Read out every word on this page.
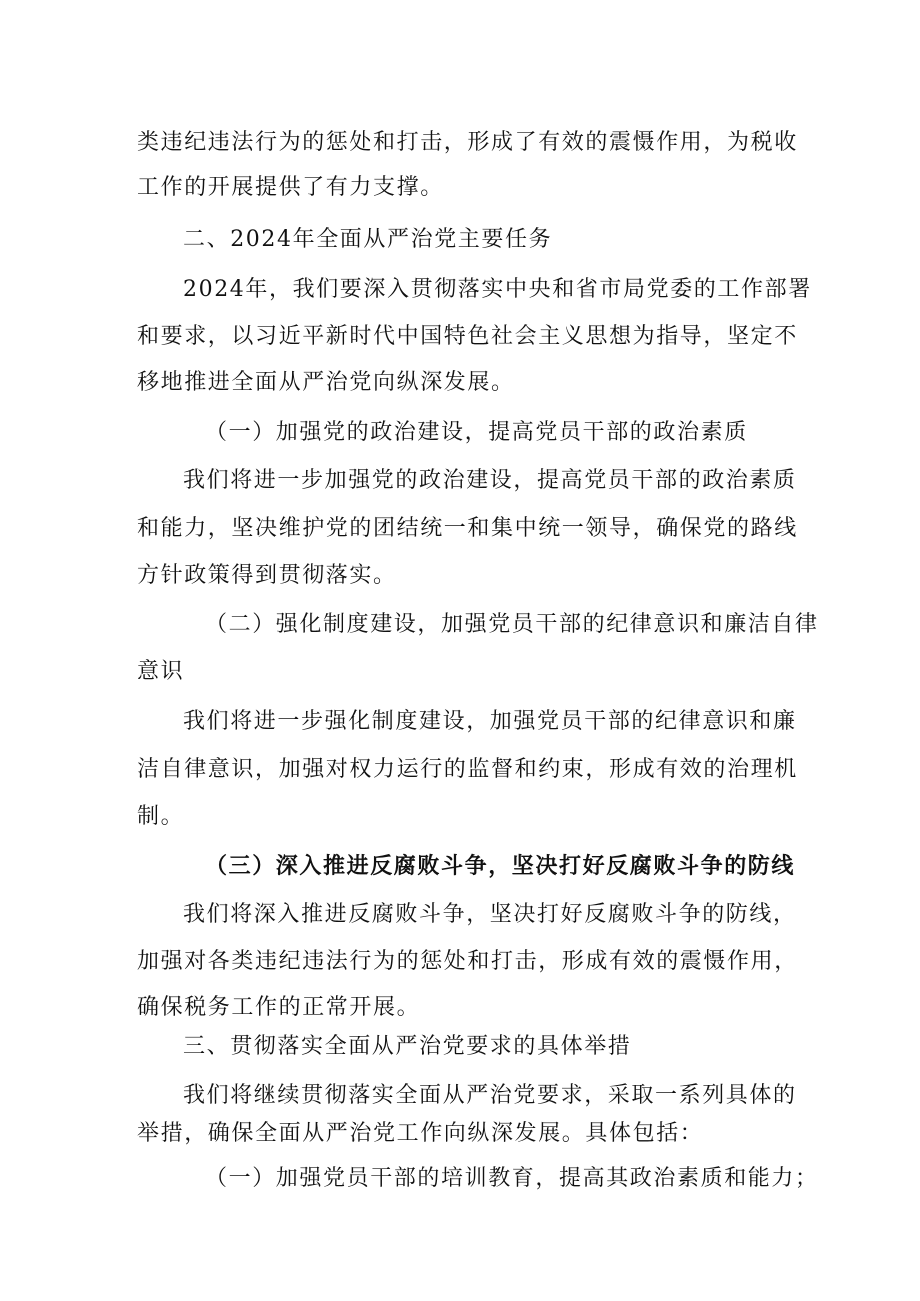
类违纪违法行为的惩处和打击，形成了有效的震慑作用，为税收
工作的开展提供了有力支撑。
二、2024年全面从严治党主要任务
2024年，我们要深入贯彻落实中央和省市局党委的工作部署
和要求，以习近平新时代中国特色社会主义思想为指导，坚定不
移地推进全面从严治党向纵深发展。
（一）加强党的政治建设，提高党员干部的政治素质
我们将进一步加强党的政治建设，提高党员干部的政治素质
和能力，坚决维护党的团结统一和集中统一领导，确保党的路线
方针政策得到贯彻落实。
（二）强化制度建设，加强党员干部的纪律意识和廉洁自律
意识
我们将进一步强化制度建设，加强党员干部的纪律意识和廉
洁自律意识，加强对权力运行的监督和约束，形成有效的治理机
制。
（三）深入推进反腐败斗争，坚决打好反腐败斗争的防线
我们将深入推进反腐败斗争，坚决打好反腐败斗争的防线，
加强对各类违纪违法行为的惩处和打击，形成有效的震慑作用，
确保税务工作的正常开展。
三、贯彻落实全面从严治党要求的具体举措
我们将继续贯彻落实全面从严治党要求，采取一系列具体的
举措，确保全面从严治党工作向纵深发展。具体包括：
（一）加强党员干部的培训教育，提高其政治素质和能力；
